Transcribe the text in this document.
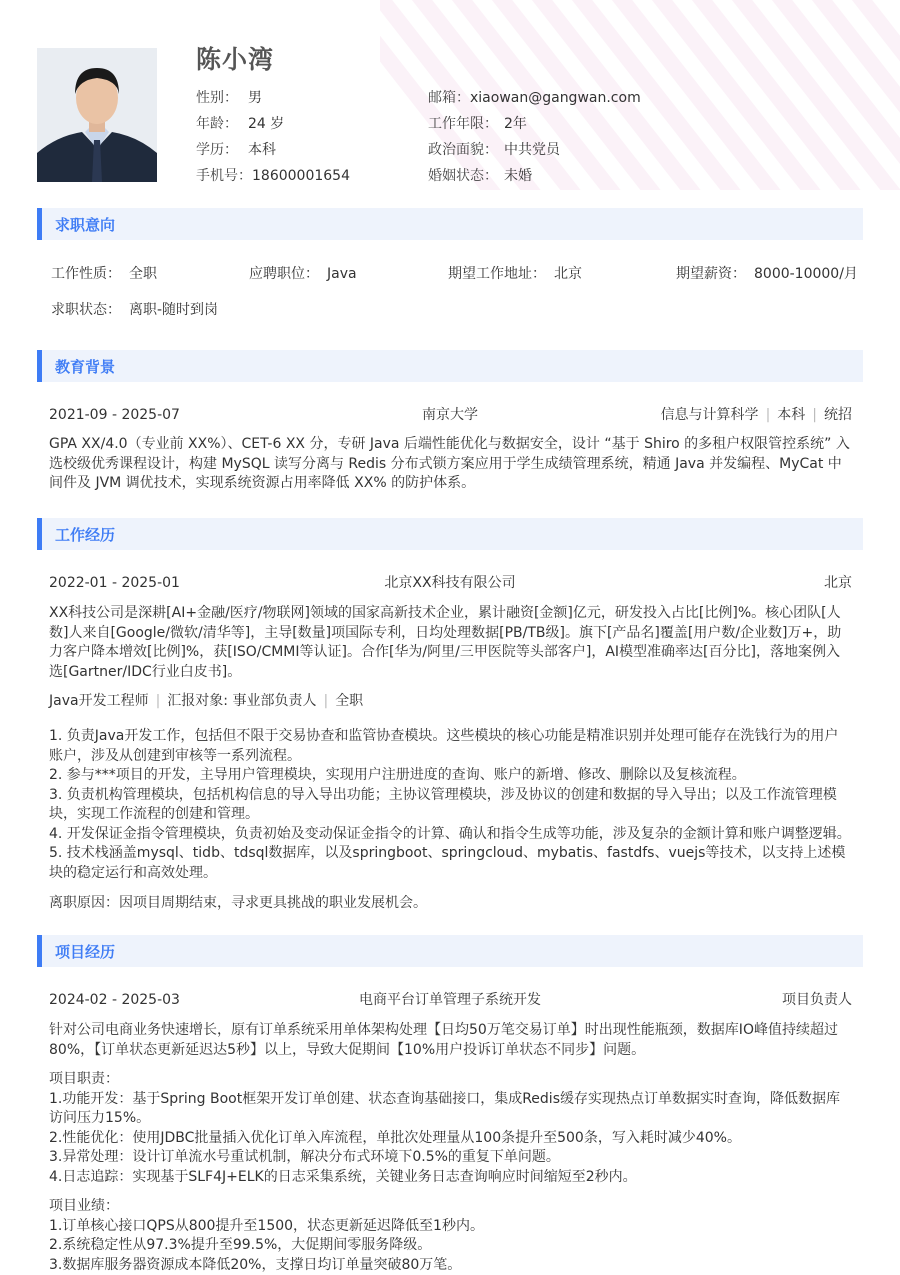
陈小湾
性别： 男	邮箱：xiaowan@gangwan.com
年龄： 24 岁	工作年限： 2年
学历： 本科	政治面貌： 中共党员
手机号：18600001654	婚姻状态： 未婚
求职意向
工作性质： 全职	应聘职位： Java	期望工作地址： 北京	期望薪资： 8000-10000/月
求职状态： 离职-随时到岗
教育背景
2021-09 - 2025-07	南京大学	信息与计算科学 | 本科 | 统招
GPA XX/4.0（专业前 XX%）、CET-6 XX 分，专研 Java 后端性能优化与数据安全，设计 “基于 Shiro 的多租户权限管控系统” 入选校级优秀课程设计，构建 MySQL 读写分离与 Redis 分布式锁方案应用于学生成绩管理系统，精通 Java 并发编程、MyCat 中间件及 JVM 调优技术，实现系统资源占用率降低 XX% 的防护体系。
工作经历
2022-01 - 2025-01	北京XX科技有限公司	北京
XX科技公司是深耕[AI+金融/医疗/物联网]领域的国家高新技术企业，累计融资[金额]亿元，研发投入占比[比例]%。核心团队[人数]人来自[Google/微软/清华等]，主导[数量]项国际专利，日均处理数据[PB/TB级]。旗下[产品名]覆盖[用户数/企业数]万+，助力客户降本增效[比例]%，获[ISO/CMMI等认证]。合作[华为/阿里/三甲医院等头部客户]，AI模型准确率达[百分比]，落地案例入选[Gartner/IDC行业白皮书]。
Java开发工程师 | 汇报对象: 事业部负责人 | 全职
1. 负责Java开发工作，包括但不限于交易协查和监管协查模块。这些模块的核心功能是精准识别并处理可能存在洗钱行为的用户账户，涉及从创建到审核等一系列流程。
2. 参与***项目的开发，主导用户管理模块，实现用户注册进度的查询、账户的新增、修改、删除以及复核流程。
3. 负责机构管理模块，包括机构信息的导入导出功能；主协议管理模块，涉及协议的创建和数据的导入导出；以及工作流管理模块，实现工作流程的创建和管理。
4. 开发保证金指令管理模块，负责初始及变动保证金指令的计算、确认和指令生成等功能，涉及复杂的金额计算和账户调整逻辑。
5. 技术栈涵盖mysql、tidb、tdsql数据库，以及springboot、springcloud、mybatis、fastdfs、vuejs等技术，以支持上述模块的稳定运行和高效处理。
离职原因：因项目周期结束，寻求更具挑战的职业发展机会。
项目经历
2024-02 - 2025-03	电商平台订单管理子系统开发	项目负责人
针对公司电商业务快速增长，原有订单系统采用单体架构处理【日均50万笔交易订单】时出现性能瓶颈，数据库IO峰值持续超过80%，【订单状态更新延迟达5秒】以上，导致大促期间【10%用户投诉订单状态不同步】问题。
项目职责：
1.功能开发：基于Spring Boot框架开发订单创建、状态查询基础接口，集成Redis缓存实现热点订单数据实时查询，降低数据库访问压力15%。
2.性能优化：使用JDBC批量插入优化订单入库流程，单批次处理量从100条提升至500条，写入耗时减少40%。
3.异常处理：设计订单流水号重试机制，解决分布式环境下0.5%的重复下单问题。
4.日志追踪：实现基于SLF4J+ELK的日志采集系统，关键业务日志查询响应时间缩短至2秒内。
项目业绩：
1.订单核心接口QPS从800提升至1500，状态更新延迟降低至1秒内。
2.系统稳定性从97.3%提升至99.5%，大促期间零服务降级。
3.数据库服务器资源成本降低20%，支撑日均订单量突破80万笔。
